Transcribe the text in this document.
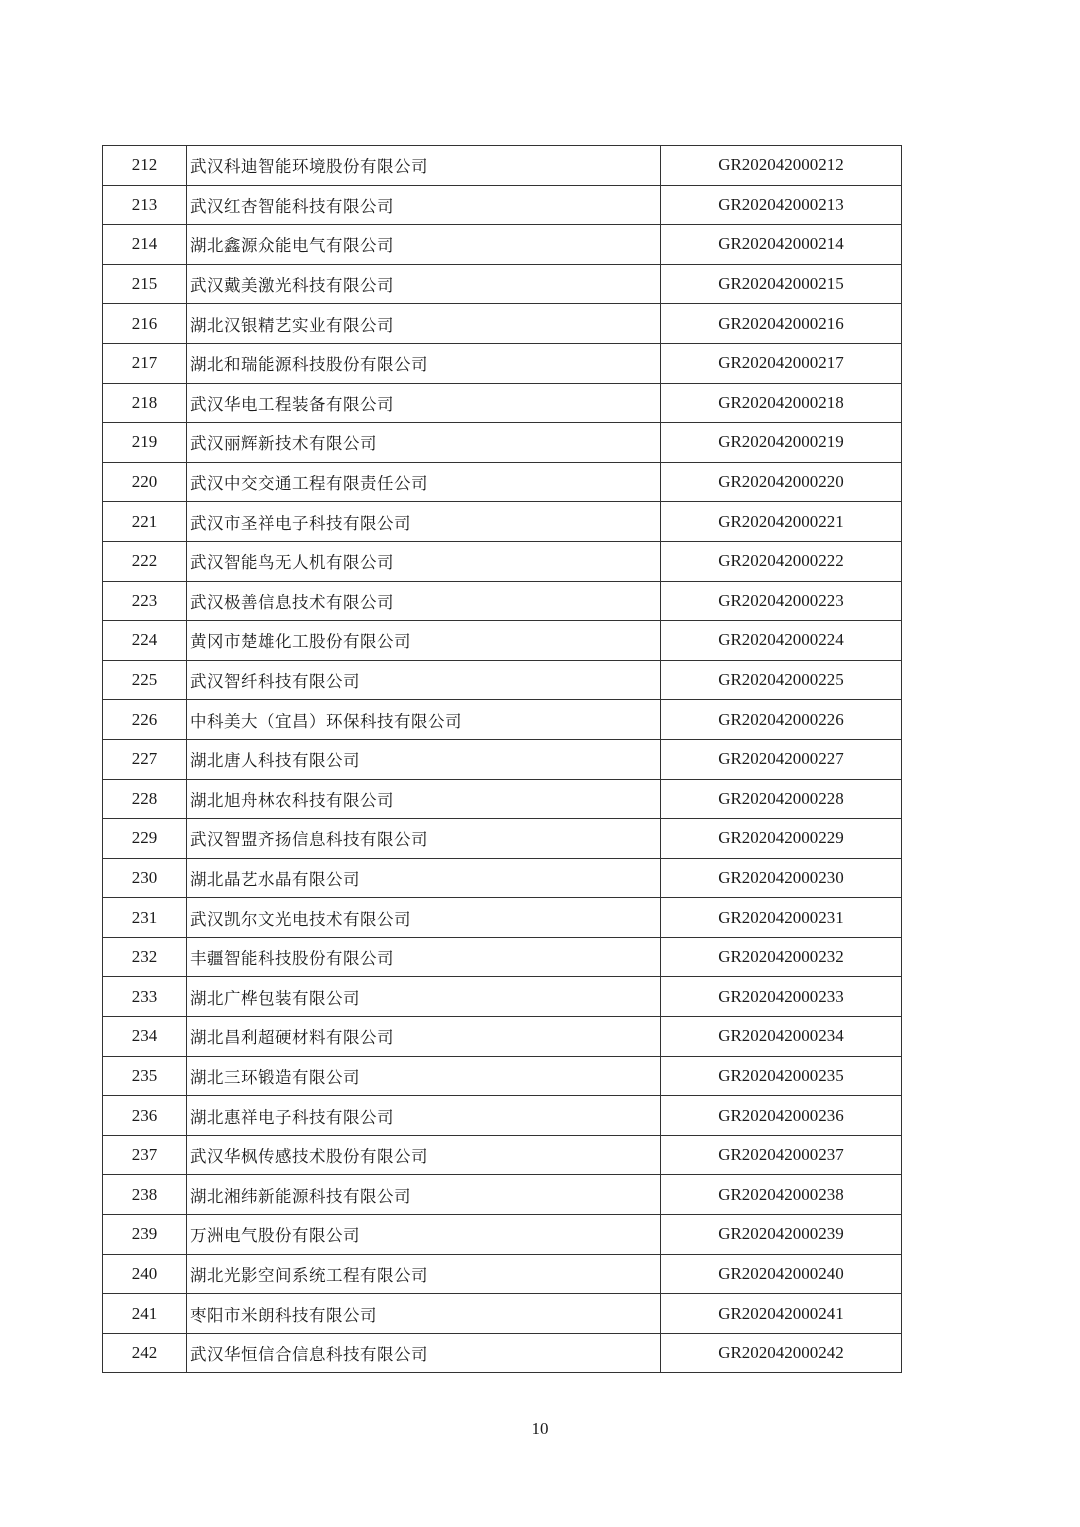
212	武汉科迪智能环境股份有限公司	GR202042000212
213	武汉红杏智能科技有限公司	GR202042000213
214	湖北鑫源众能电气有限公司	GR202042000214
215	武汉戴美激光科技有限公司	GR202042000215
216	湖北汉银精艺实业有限公司	GR202042000216
217	湖北和瑞能源科技股份有限公司	GR202042000217
218	武汉华电工程装备有限公司	GR202042000218
219	武汉丽辉新技术有限公司	GR202042000219
220	武汉中交交通工程有限责任公司	GR202042000220
221	武汉市圣祥电子科技有限公司	GR202042000221
222	武汉智能鸟无人机有限公司	GR202042000222
223	武汉极善信息技术有限公司	GR202042000223
224	黄冈市楚雄化工股份有限公司	GR202042000224
225	武汉智纤科技有限公司	GR202042000225
226	中科美大（宜昌）环保科技有限公司	GR202042000226
227	湖北唐人科技有限公司	GR202042000227
228	湖北旭舟林农科技有限公司	GR202042000228
229	武汉智盟齐扬信息科技有限公司	GR202042000229
230	湖北晶艺水晶有限公司	GR202042000230
231	武汉凯尔文光电技术有限公司	GR202042000231
232	丰疆智能科技股份有限公司	GR202042000232
233	湖北广桦包装有限公司	GR202042000233
234	湖北昌利超硬材料有限公司	GR202042000234
235	湖北三环锻造有限公司	GR202042000235
236	湖北惠祥电子科技有限公司	GR202042000236
237	武汉华枫传感技术股份有限公司	GR202042000237
238	湖北湘纬新能源科技有限公司	GR202042000238
239	万洲电气股份有限公司	GR202042000239
240	湖北光影空间系统工程有限公司	GR202042000240
241	枣阳市米朗科技有限公司	GR202042000241
242	武汉华恒信合信息科技有限公司	GR202042000242
10
